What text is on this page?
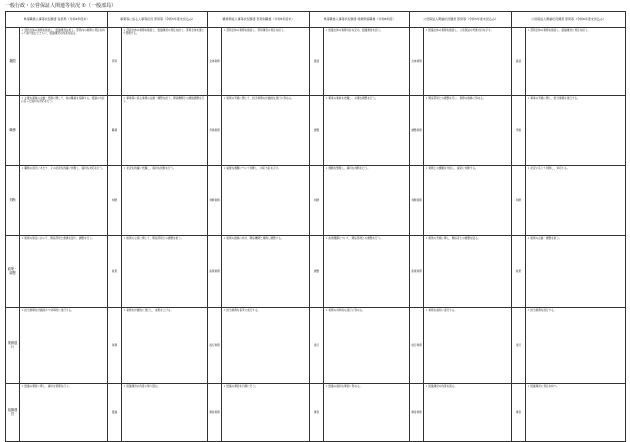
一般行政・公営保証人関連等状况 ①（一般部局）
県等職員人事等状況調書 各部局（令和4年度末）		事業等に係る人事等状況 部局等（令和5年度末見込み）		職員関係人事等状況調書 部局別職員（令和5年度末）		県等職員人事等状況調書 施策関係職員（令和6年度）		公営保証人関連状況調書 部局等（令和5年度末見込み）		公営保証人関連状況調書 部局等（令和6年度末見込み）	
権限	１ 部局全体の業務を統括し、組織運営を担う。部局内の業務に責任を持って取り組むとともに、組織運営の改善を図る。	部局	１ 部局全体の業務を統括し、組織運営の責任を担う。部局全体を通じて管理する。	全体業務	１ 部局全体の業務を統括し、部局運営の責任を担う。	統括	１ 組織全体の業務方針を定め、組織運営を担う。	全体業務	１ 組織全体の業務を統括し、公営保証の実施方針を示す。	統括	１ 部局全体の業務を統括し、組織運営に責任を担う。
職務	１ 主要な事業の企画・実施に関して、他の職員を指導する。組織の方針に沿った適切な対応を行う。	職務	１ 事業等に係る業務の企画・調整を担う。関係機関との連絡調整を行う。	実施業務	１ 施策の実施に関して、担当業務の計画的な遂行に努める。	調整	１ 事業の進捗を把握し、必要な調整を行う。	調整業務	１ 関係部局との調整を行い、業務の推進に努める。	実施	１ 事業の実施に関し、担当業務を遂行する。
判断	１ 職務の遂行にあたり、その状況を的確に判断し、適切な対応を行う。	判断	１ 状況を的確に把握し、適切な判断を行う。	判断業務	１ 重要な課題について判断し、対応方針を示す。	判断	１ 課題を整理し、適切な判断を行う。	判断業務	１ 業務上の課題を分析し、適切に判断する。	判断	１ 状況に応じて判断し、対応する。
政策・調整	１ 施策の策定において、関係部局と連携を図り、調整を行う。	政策	１ 施策の立案に関して、関係部局との調整を担う。	政策業務	１ 施策の推進に向け、関係機関と連携し調整する。	調整	１ 政策課題について、関係部局との調整を行う。	政策業務	１ 施策の実施に関し、関係者との調整を図る。	政策	１ 施策の企画・調整を担う。
業務遂行	１ 担当業務を計画的かつ効率的に遂行する。	業務	１ 業務を計画的に遂行し、成果を上げる。	遂行業務	１ 担当業務を着実に遂行する。	遂行	１ 業務の効率的な遂行に努める。	遂行業務	１ 業務を適切に遂行する。	遂行	１ 担当業務を遂行する。
組織運営	１ 組織の運営に関し、適切な管理を行う。	組織	１ 組織運営の改善に取り組む。	運営業務	１ 組織の運営を円滑に行う。	運営	１ 組織の適切な運営に努める。	運営業務	１ 組織運営の改善を図る。	運営	１ 組織運営に責任を持つ。
